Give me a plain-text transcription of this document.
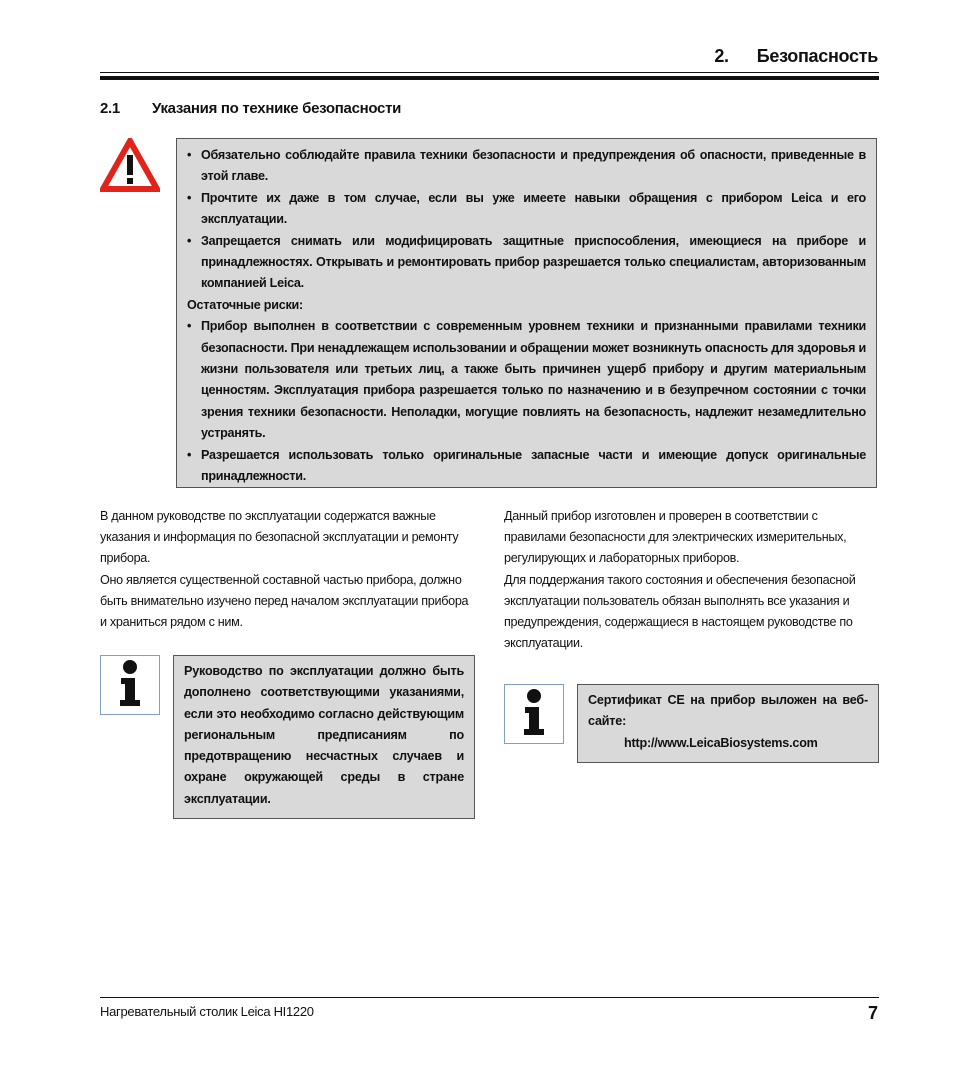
2. Безопасность
2.1 Указания по технике безопасности
• Обязательно соблюдайте правила техники безопасности и предупреждения об опасности, приведенные в этой главе.
• Прочтите их даже в том случае, если вы уже имеете навыки обращения с прибором Leica и его эксплуатации.
• Запрещается снимать или модифицировать защитные приспособления, имеющиеся на приборе и принадлежностях. Открывать и ремонтировать прибор разрешается только специалистам, авторизованным компанией Leica.

Остаточные риски:

• Прибор выполнен в соответствии с современным уровнем техники и признанными правилами техники безопасности. При ненадлежащем использовании и обращении может возникнуть опасность для здоровья и жизни пользователя или третьих лиц, а также быть причинен ущерб прибору и другим материальным ценностям. Эксплуатация прибора разрешается только по назначению и в безупречном состоянии с точки зрения техники безопасности. Неполадки, могущие повлиять на безопасность, надлежит незамедлительно устранять.
• Разрешается использовать только оригинальные запасные части и имеющие допуск оригинальные принадлежности.

В данном руководстве по эксплуатации содержатся важные указания и информация по безопасной эксплуатации и ремонту прибора.

Оно является существенной составной частью прибора, должно быть внимательно изучено перед началом эксплуатации прибора и храниться рядом с ним.

Данный прибор изготовлен и проверен в соответствии с правилами безопасности для электрических измерительных, регулирующих и лабораторных приборов.

Для поддержания такого состояния и обеспечения безопасной эксплуатации пользователь обязан выполнять все указания и предупреждения, содержащиеся в настоящем руководстве по эксплуатации.

Руководство по эксплуатации должно быть дополнено соответствующими указаниями, если это необходимо согласно действующим региональным предписаниям по предотвращению несчастных случаев и охране окружающей среды в стране эксплуатации.
Сертификат CE на прибор выложен на веб-сайте:
http://www.LeicaBiosystems.com
Нагревательный столик Leica HI1220	7
